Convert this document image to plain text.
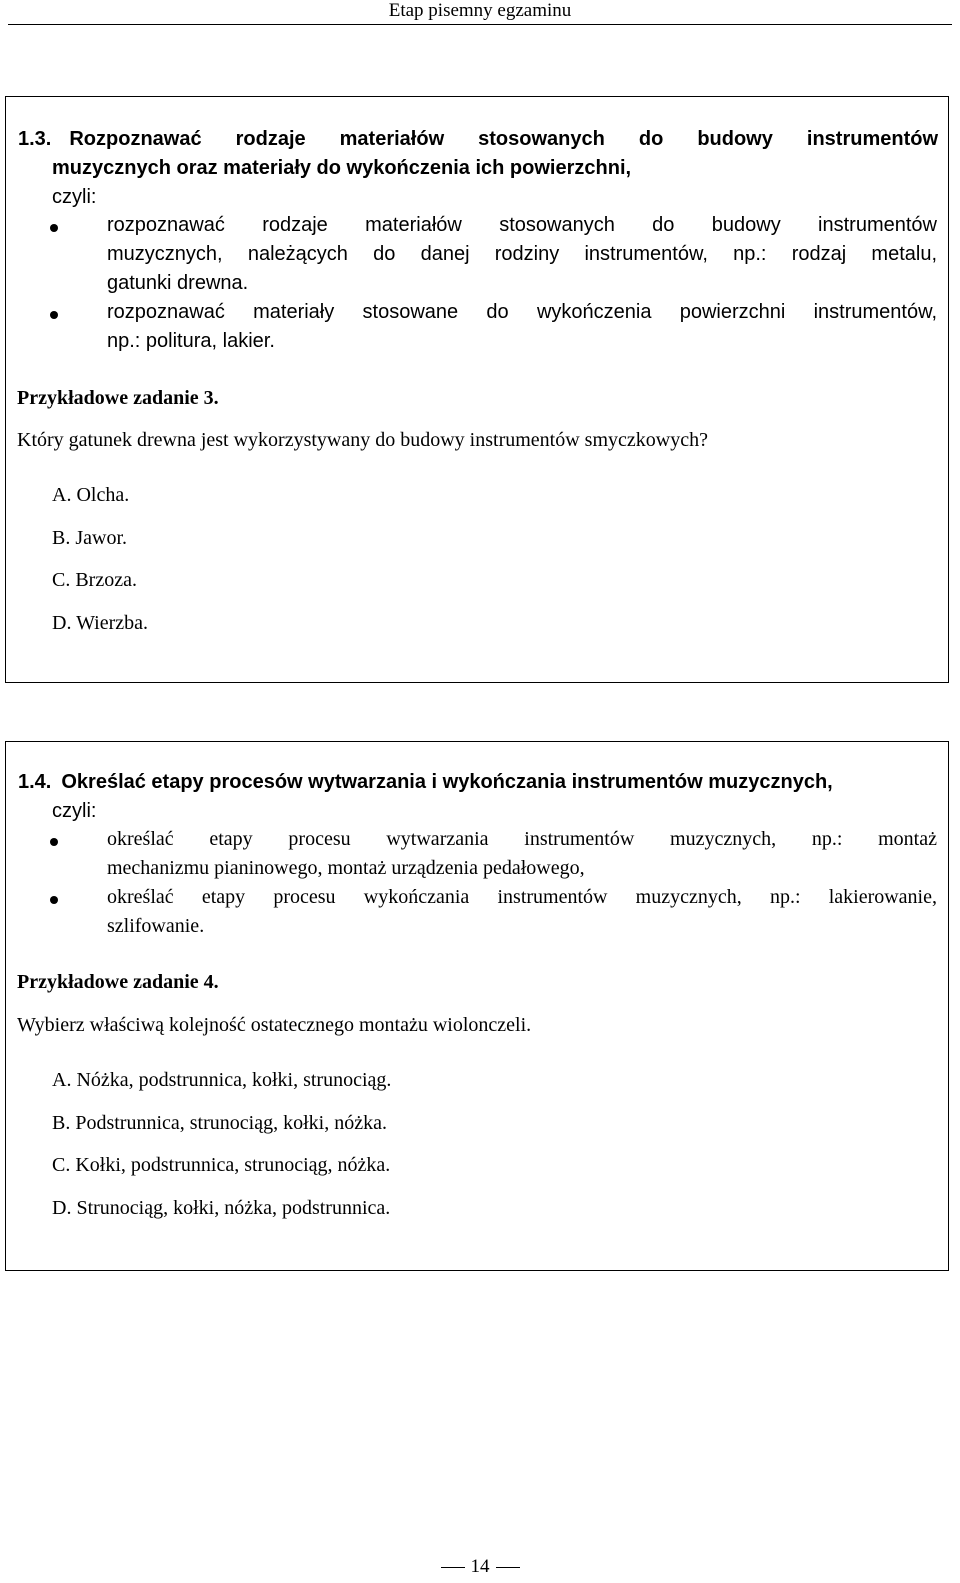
Etap pisemny egzaminu
1.3. Rozpoznawać rodzaje materiałów stosowanych do budowy instrumentów
muzycznych oraz materiały do wykończenia ich powierzchni,
czyli:
rozpoznawać rodzaje materiałów stosowanych do budowy instrumentów
muzycznych, należących do danej rodziny instrumentów, np.: rodzaj metalu,
gatunki drewna.
rozpoznawać materiały stosowane do wykończenia powierzchni instrumentów,
np.: politura, lakier.
Przykładowe zadanie 3.
Który gatunek drewna jest wykorzystywany do budowy instrumentów smyczkowych?
A. Olcha.
B. Jawor.
C. Brzoza.
D. Wierzba.
1.4. Określać etapy procesów wytwarzania i wykończania instrumentów muzycznych,
czyli:
określać etapy procesu wytwarzania instrumentów muzycznych, np.: montaż
mechanizmu pianinowego, montaż urządzenia pedałowego,
określać etapy procesu wykończania instrumentów muzycznych, np.: lakierowanie,
szlifowanie.
Przykładowe zadanie 4.
Wybierz właściwą kolejność ostatecznego montażu wiolonczeli.
A. Nóżka, podstrunnica, kołki, strunociąg.
B. Podstrunnica, strunociąg, kołki, nóżka.
C. Kołki, podstrunnica, strunociąg, nóżka.
D. Strunociąg, kołki, nóżka, podstrunnica.
14
